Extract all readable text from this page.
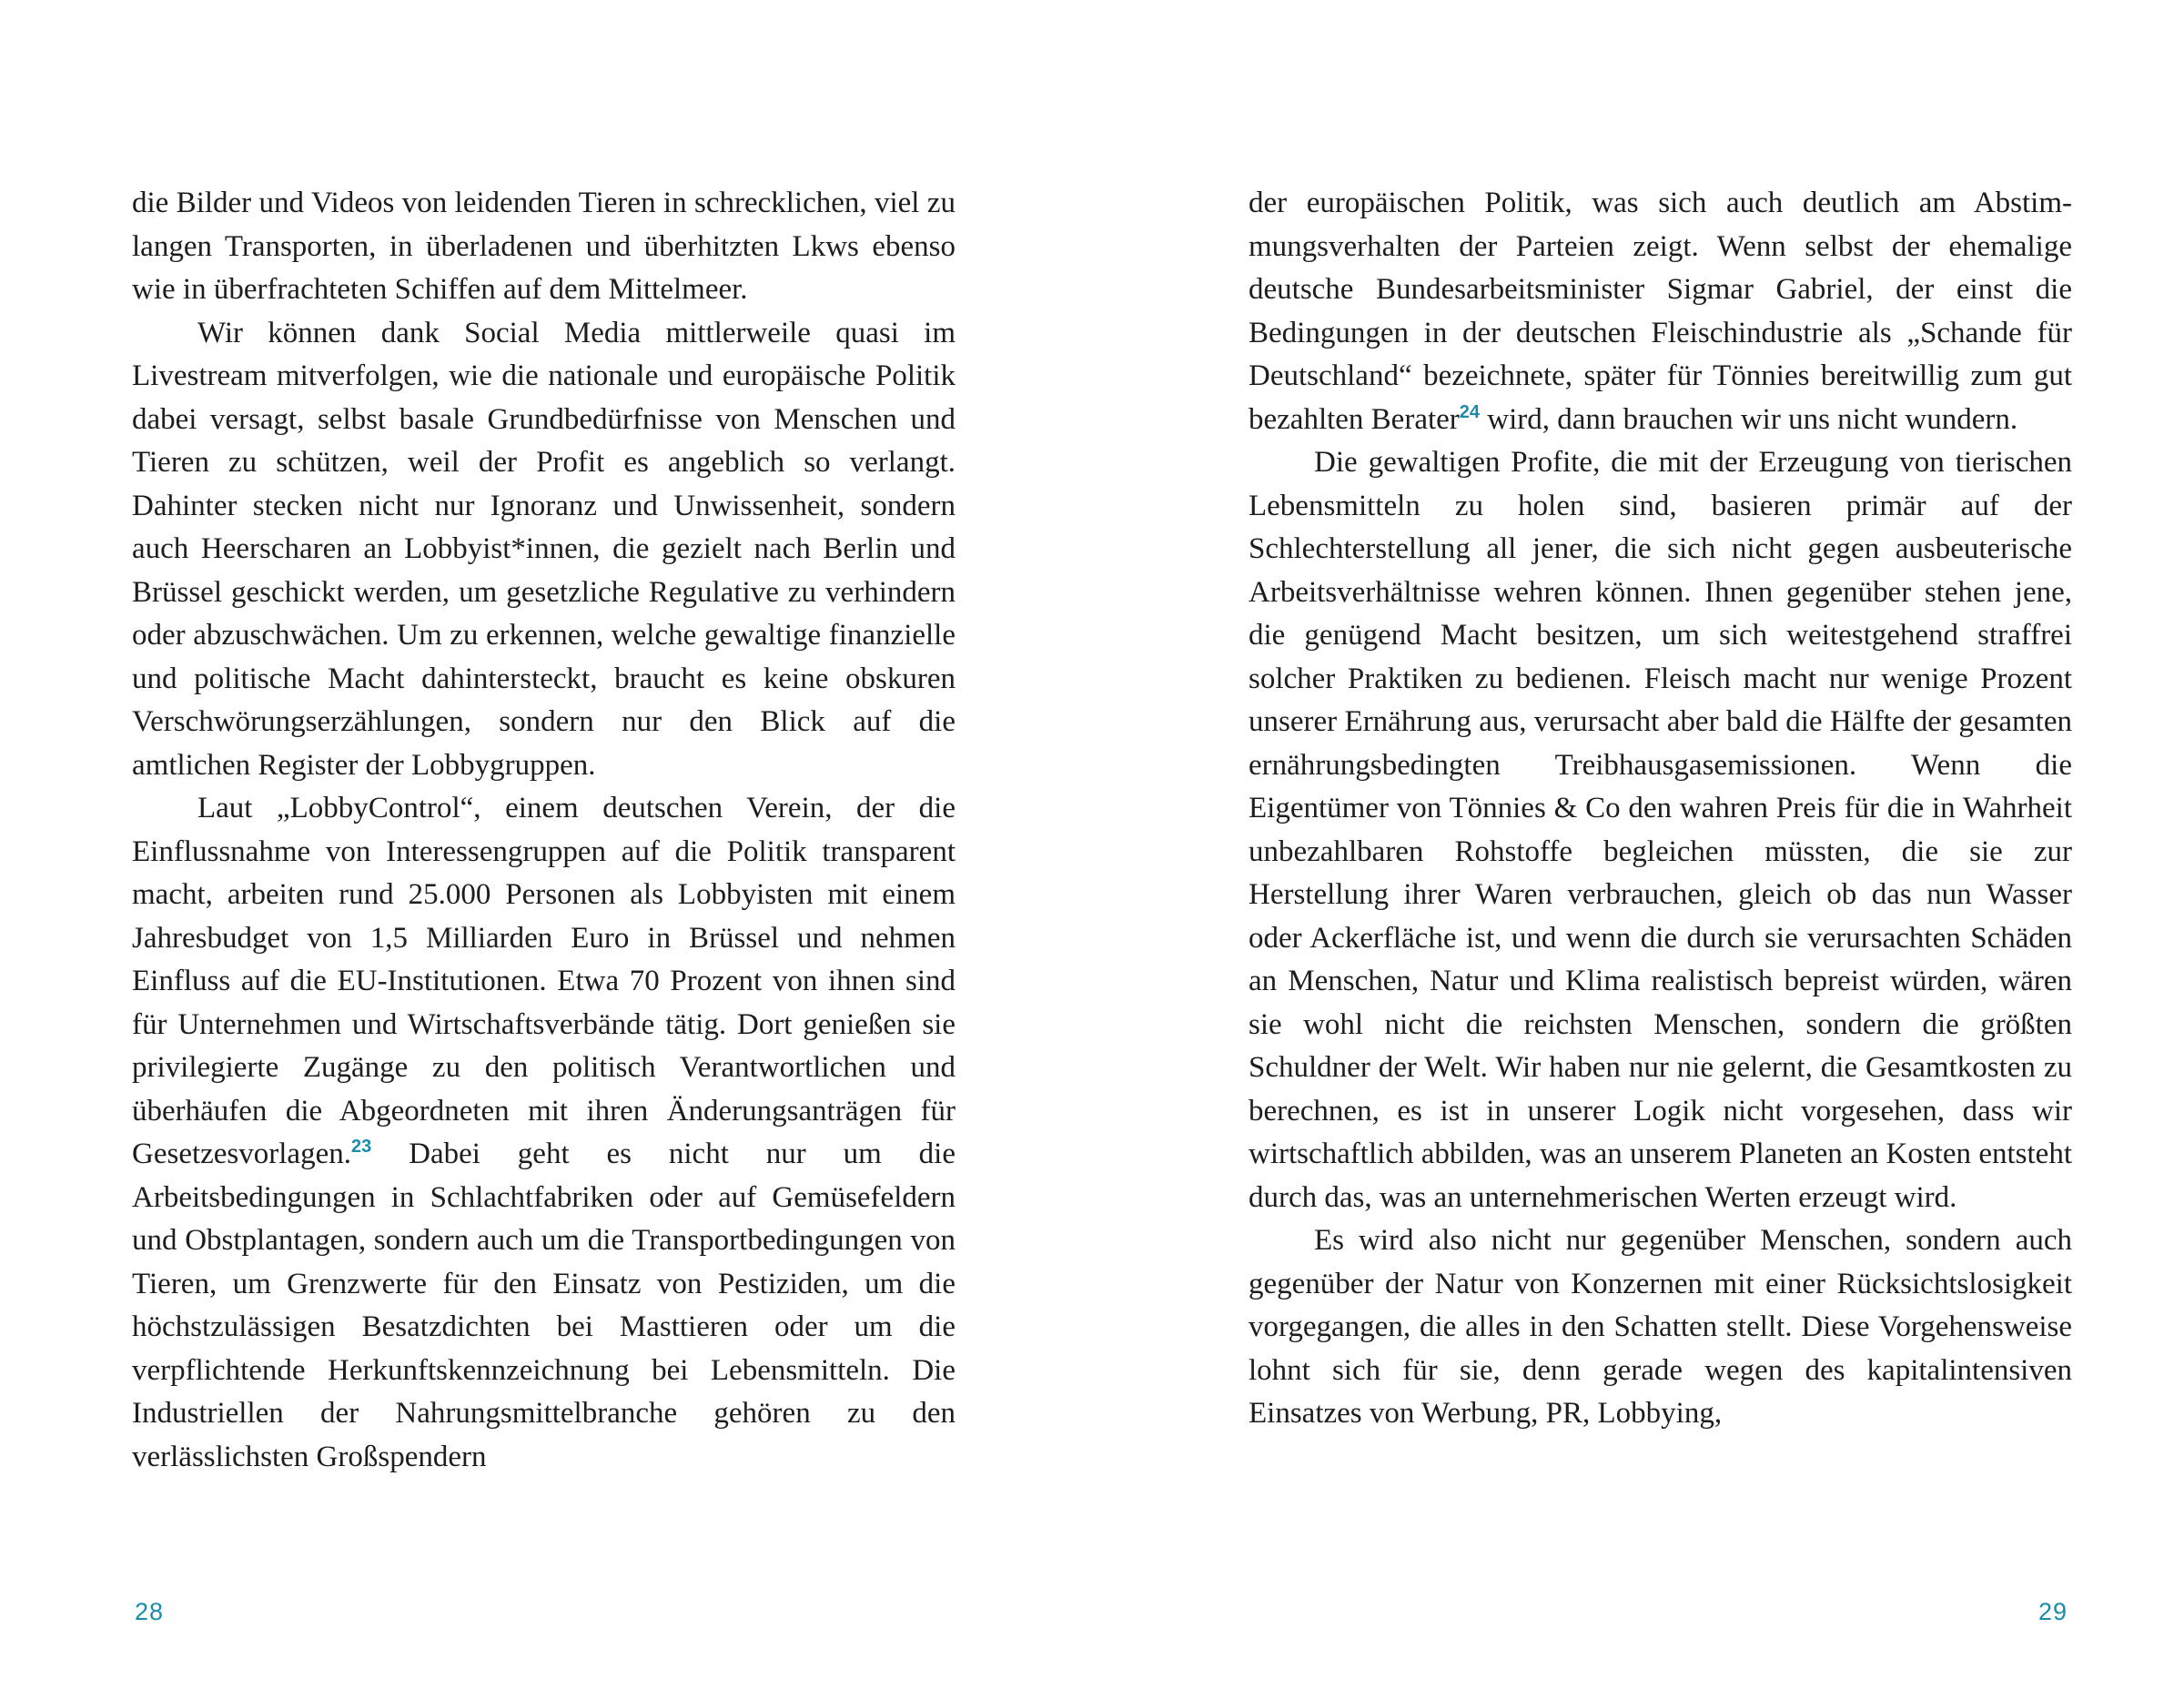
die Bilder und Videos von leidenden Tieren in schrecklichen, viel zu langen Transporten, in überladenen und überhitzten Lkws ebenso wie in überfrachteten Schiffen auf dem Mittelmeer.

Wir können dank Social Media mittlerweile quasi im Livestream mitverfolgen, wie die nationale und europäische Politik dabei versagt, selbst basale Grundbedürfnisse von Menschen und Tieren zu schützen, weil der Profit es angeblich so verlangt. Dahinter stecken nicht nur Ignoranz und Unwissenheit, sondern auch Heerscharen an Lobbyist*innen, die gezielt nach Berlin und Brüssel geschickt werden, um gesetzliche Regulative zu verhindern oder abzuschwächen. Um zu erkennen, welche gewaltige finanzielle und politische Macht dahintersteckt, braucht es keine obskuren Verschwörungserzählungen, sondern nur den Blick auf die amtlichen Register der Lobbygruppen.

Laut „LobbyControl“, einem deutschen Verein, der die Einflussnahme von Interessengruppen auf die Politik transparent macht, arbeiten rund 25.000 Personen als Lobbyisten mit einem Jahresbudget von 1,5 Milliarden Euro in Brüssel und nehmen Einfluss auf die EU-Institutionen. Etwa 70 Prozent von ihnen sind für Unternehmen und Wirtschaftsverbände tätig. Dort genießen sie privilegierte Zugänge zu den politisch Verantwortlichen und überhäufen die Abgeordneten mit ihren Änderungsanträgen für Gesetzesvorlagen.$^{23}$ Dabei geht es nicht nur um die Arbeitsbedingungen in Schlachtfabriken oder auf Gemüsefeldern und Obstplantagen, sondern auch um die Transportbedingungen von Tieren, um Grenzwerte für den Einsatz von Pestiziden, um die höchstzulässigen Besatzdichten bei Masttieren oder um die verpflichtende Herkunftskennzeichnung bei Lebensmitteln. Die Industriellen der Nahrungsmittelbranche gehören zu den verlässlichsten Großspendern

28

der europäischen Politik, was sich auch deutlich am Abstimmungsverhalten der Parteien zeigt. Wenn selbst der ehemalige deutsche Bundesarbeitsminister Sigmar Gabriel, der einst die Bedingungen in der deutschen Fleischindustrie als „Schande für Deutschland“ bezeichnete, später für Tönnies bereitwillig zum gut bezahlten Berater$^{24}$ wird, dann brauchen wir uns nicht wundern.

Die gewaltigen Profite, die mit der Erzeugung von tierischen Lebensmitteln zu holen sind, basieren primär auf der Schlechterstellung all jener, die sich nicht gegen ausbeuterische Arbeitsverhältnisse wehren können. Ihnen gegenüber stehen jene, die genügend Macht besitzen, um sich weitestgehend straffrei solcher Praktiken zu bedienen. Fleisch macht nur wenige Prozent unserer Ernährung aus, verursacht aber bald die Hälfte der gesamten ernährungsbedingten Treibhausgasemissionen. Wenn die Eigentümer von Tönnies & Co den wahren Preis für die in Wahrheit unbezahlbaren Rohstoffe begleichen müssten, die sie zur Herstellung ihrer Waren verbrauchen, gleich ob das nun Wasser oder Ackerfläche ist, und wenn die durch sie verursachten Schäden an Menschen, Natur und Klima realistisch bepreist würden, wären sie wohl nicht die reichsten Menschen, sondern die größten Schuldner der Welt. Wir haben nur nie gelernt, die Gesamtkosten zu berechnen, es ist in unserer Logik nicht vorgesehen, dass wir wirtschaftlich abbilden, was an unserem Planeten an Kosten entsteht durch das, was an unternehmerischen Werten erzeugt wird.

Es wird also nicht nur gegenüber Menschen, sondern auch gegenüber der Natur von Konzernen mit einer Rücksichtslosigkeit vorgegangen, die alles in den Schatten stellt. Diese Vorgehensweise lohnt sich für sie, denn gerade wegen des kapitalintensiven Einsatzes von Werbung, PR, Lobbying,

29
